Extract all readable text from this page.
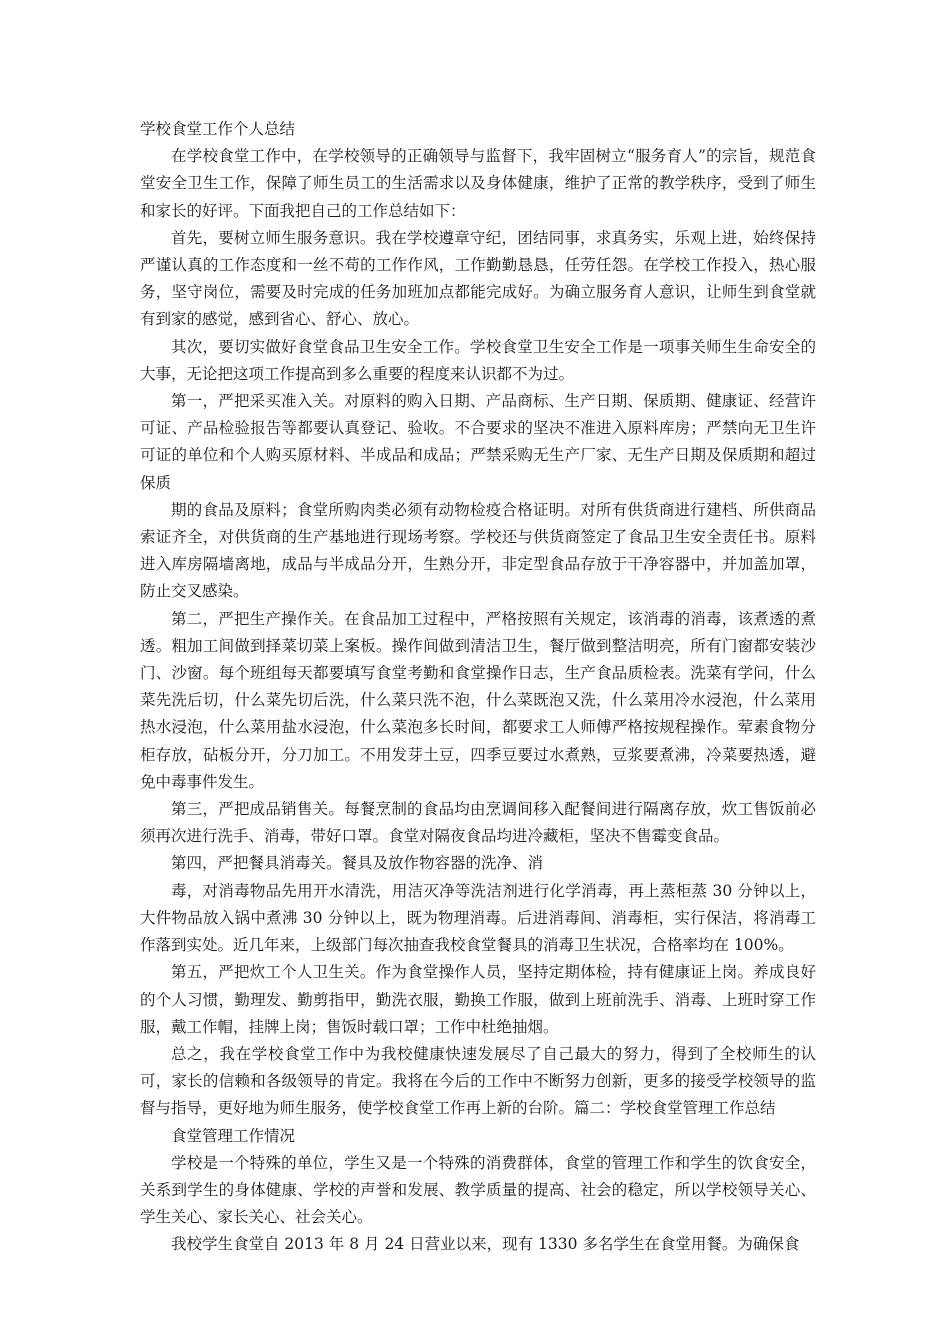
学校食堂工作个人总结

在学校食堂工作中，在学校领导的正确领导与监督下，我牢固树立“服务育人”的宗旨，规范食堂安全卫生工作，保障了师生员工的生活需求以及身体健康，维护了正常的教学秩序，受到了师生和家长的好评。下面我把自己的工作总结如下：

首先，要树立师生服务意识。我在学校遵章守纪，团结同事，求真务实，乐观上进，始终保持严谨认真的工作态度和一丝不苟的工作作风，工作勤勤恳恳，任劳任怨。在学校工作投入，热心服务，坚守岗位，需要及时完成的任务加班加点都能完成好。为确立服务育人意识，让师生到食堂就有到家的感觉，感到省心、舒心、放心。

其次，要切实做好食堂食品卫生安全工作。学校食堂卫生安全工作是一项事关师生生命安全的大事，无论把这项工作提高到多么重要的程度来认识都不为过。

第一，严把采买准入关。对原料的购入日期、产品商标、生产日期、保质期、健康证、经营许可证、产品检验报告等都要认真登记、验收。不合要求的坚决不准进入原料库房；严禁向无卫生许可证的单位和个人购买原材料、半成品和成品；严禁采购无生产厂家、无生产日期及保质期和超过保质

期的食品及原料；食堂所购肉类必须有动物检疫合格证明。对所有供货商进行建档、所供商品索证齐全，对供货商的生产基地进行现场考察。学校还与供货商签定了食品卫生安全责任书。原料进入库房隔墙离地，成品与半成品分开，生熟分开，非定型食品存放于干净容器中，并加盖加罩，防止交叉感染。

第二，严把生产操作关。在食品加工过程中，严格按照有关规定，该消毒的消毒，该煮透的煮透。粗加工间做到择菜切菜上案板。操作间做到清洁卫生，餐厅做到整洁明亮，所有门窗都安装沙门、沙窗。每个班组每天都要填写食堂考勤和食堂操作日志，生产食品质检表。洗菜有学问，什么菜先洗后切，什么菜先切后洗，什么菜只洗不泡，什么菜既泡又洗，什么菜用冷水浸泡，什么菜用热水浸泡，什么菜用盐水浸泡，什么菜泡多长时间，都要求工人师傅严格按规程操作。荤素食物分柜存放，砧板分开，分刀加工。不用发芽土豆，四季豆要过水煮熟，豆浆要煮沸，冷菜要热透，避免中毒事件发生。

第三，严把成品销售关。每餐烹制的食品均由烹调间移入配餐间进行隔离存放，炊工售饭前必须再次进行洗手、消毒，带好口罩。食堂对隔夜食品均进冷藏柜，坚决不售霉变食品。

第四，严把餐具消毒关。餐具及放作物容器的洗净、消

毒，对消毒物品先用开水清洗，用洁灭净等洗洁剂进行化学消毒，再上蒸柜蒸 30 分钟以上，大件物品放入锅中煮沸 30 分钟以上，既为物理消毒。后进消毒间、消毒柜，实行保洁，将消毒工作落到实处。近几年来，上级部门每次抽查我校食堂餐具的消毒卫生状况，合格率均在 100%。

第五，严把炊工个人卫生关。作为食堂操作人员，坚持定期体检，持有健康证上岗。养成良好的个人习惯，勤理发、勤剪指甲，勤洗衣服，勤换工作服，做到上班前洗手、消毒、上班时穿工作服，戴工作帽，挂牌上岗；售饭时载口罩；工作中杜绝抽烟。

总之，我在学校食堂工作中为我校健康快速发展尽了自己最大的努力，得到了全校师生的认可，家长的信赖和各级领导的肯定。我将在今后的工作中不断努力创新，更多的接受学校领导的监督与指导，更好地为师生服务，使学校食堂工作再上新的台阶。篇二：学校食堂管理工作总结

食堂管理工作情况

学校是一个特殊的单位，学生又是一个特殊的消费群体，食堂的管理工作和学生的饮食安全，关系到学生的身体健康、学校的声誉和发展、教学质量的提高、社会的稳定，所以学校领导关心、学生关心、家长关心、社会关心。

我校学生食堂自 2013 年 8 月 24 日营业以来，现有 1330 多名学生在食堂用餐。为确保食
